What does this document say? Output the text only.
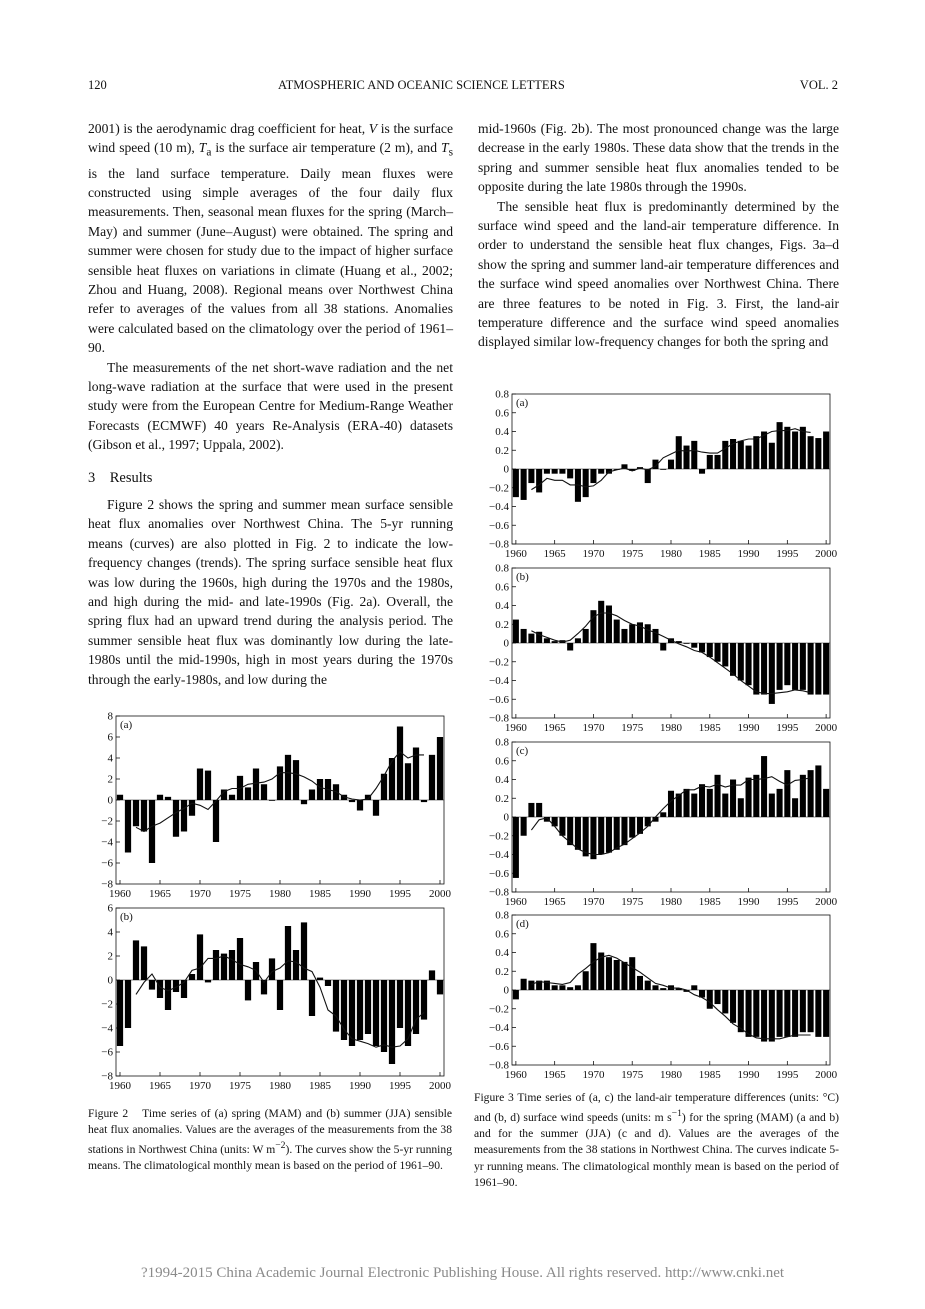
120	ATMOSPHERIC AND OCEANIC SCIENCE LETTERS	VOL. 2

2001) is the aerodynamic drag coefficient for heat, V is the surface wind speed (10 m), $T_a$ is the surface air temperature (2 m), and $T_s$ is the land surface temperature. Daily mean fluxes were constructed using simple averages of the four daily flux measurements. Then, seasonal mean fluxes for the spring (March–May) and summer (June–August) were obtained. The spring and summer were chosen for study due to the impact of higher surface sensible heat fluxes on variations in climate (Huang et al., 2002; Zhou and Huang, 2008). Regional means over Northwest China refer to averages of the values from all 38 stations. Anomalies were calculated based on the climatology over the period of 1961–90.

The measurements of the net short-wave radiation and the net long-wave radiation at the surface that were used in the present study were from the European Centre for Medium-Range Weather Forecasts (ECMWF) 40 years Re-Analysis (ERA-40) datasets (Gibson et al., 1997; Uppala, 2002).

3　Results

Figure 2 shows the spring and summer mean surface sensible heat flux anomalies over Northwest China. The 5-yr running means (curves) are also plotted in Fig. 2 to indicate the low-frequency changes (trends). The spring surface sensible heat flux was low during the 1960s, high during the 1970s and the 1980s, and high during the mid- and late-1990s (Fig. 2a). Overall, the spring flux had an upward trend during the analysis period. The summer sensible heat flux was dominantly low during the late-1980s until the mid-1990s, high in most years during the 1970s through the early-1980s, and low during the

mid-1960s (Fig. 2b). The most pronounced change was the large decrease in the early 1980s. These data show that the trends in the spring and summer sensible heat flux anomalies tended to be opposite during the late 1980s through the 1990s.

The sensible heat flux is predominantly determined by the surface wind speed and the land-air temperature difference. In order to understand the sensible heat flux changes, Figs. 3a–d show the spring and summer land-air temperature differences and the surface wind speed anomalies over Northwest China. There are three features to be noted in Fig. 3. First, the land-air temperature difference and the surface wind speed anomalies displayed similar low-frequency changes for both the spring and

−8
−6
−4
−2
0
2
4
6
8
1960 1965 1970 1975 1980 1985 1990 1995 2000
(a)
−8
−6
−4
−2
0
2
4
6
1960 1965 1970 1975 1980 1985 1990 1995 2000
(b)
Figure 2　Time series of (a) spring (MAM) and (b) summer (JJA) sensible heat flux anomalies. Values are the averages of the measurements from the 38 stations in Northwest China (units: W $m^{-2}$). The curves show the 5-yr running means. The climatological monthly mean is based on the period of 1961–90.
−0.8
−0.6
−0.4
−0.2
0
0.2
0.4
0.6
0.8
1960 1965 1970 1975 1980 1985 1990 1995 2000
(a)
−0.8
−0.6
−0.4
−0.2
0
0.2
0.4
0.6
0.8
1960 1965 1970 1975 1980 1985 1990 1995 2000
(b)
−0.8
−0.6
−0.4
−0.2
0
0.2
0.4
0.6
0.8
1960 1965 1970 1975 1980 1985 1990 1995 2000
(c)
−0.8
−0.6
−0.4
−0.2
0
0.2
0.4
0.6
0.8
1960 1965 1970 1975 1980 1985 1990 1995 2000
(d)
Figure 3 Time series of (a, c) the land-air temperature differences (units: °C) and (b, d) surface wind speeds (units: m $s^{-1}$) for the spring (MAM) (a and b) and for the summer (JJA) (c and d). Values are the averages of the measurements from the 38 stations in Northwest China. The curves indicate 5-yr running means. The climatological monthly mean is based on the period of 1961–90.
?1994-2015 China Academic Journal Electronic Publishing House. All rights reserved. http://www.cnki.net
